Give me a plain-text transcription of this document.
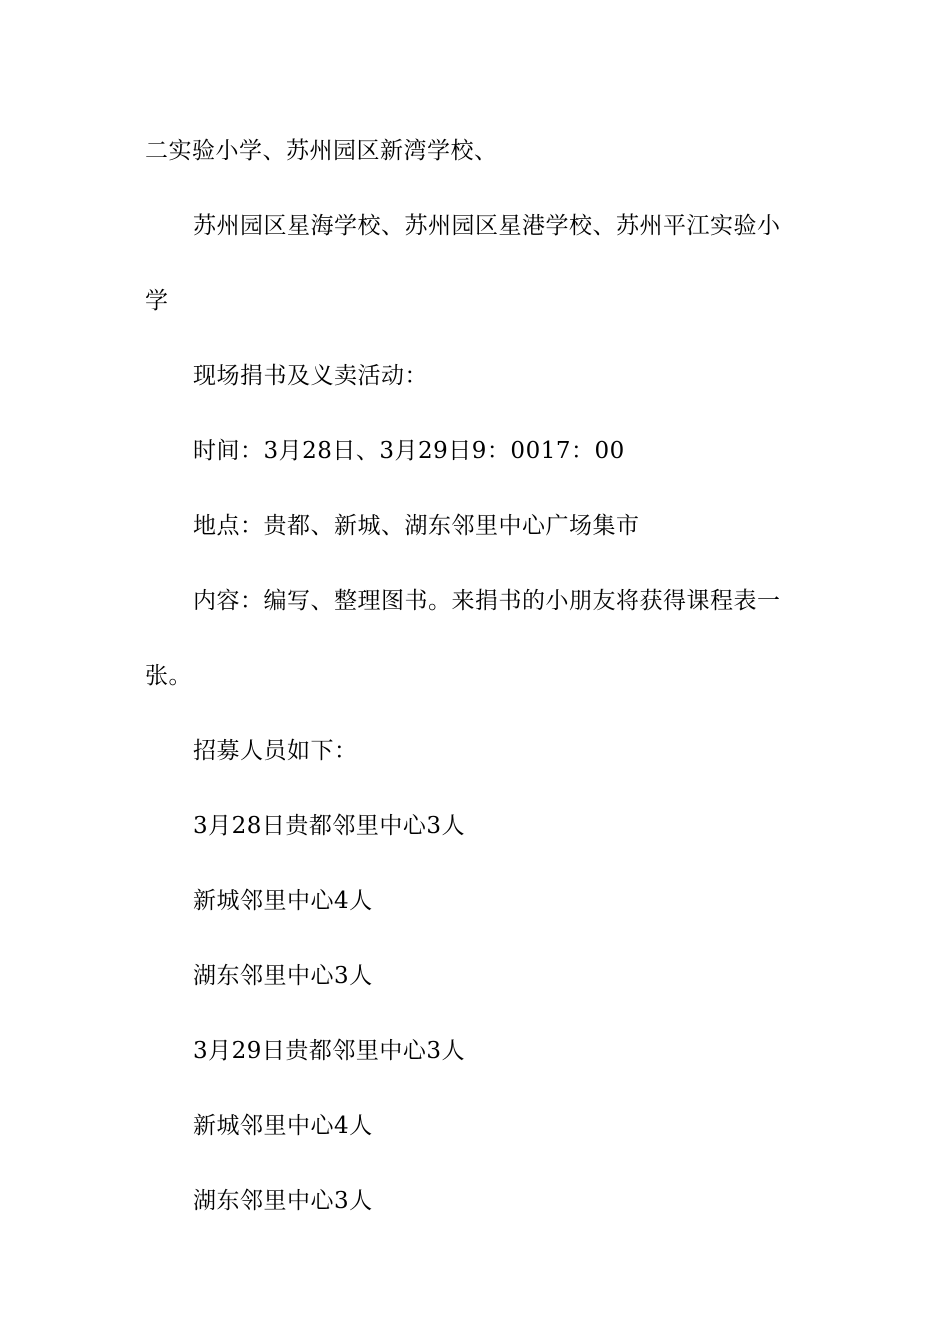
二实验小学、苏州园区新湾学校、
苏州园区星海学校、苏州园区星港学校、苏州平江实验小
学
现场捐书及义卖活动：
时间：3月28日、3月29日9：0017：00
地点：贵都、新城、湖东邻里中心广场集市
内容：编写、整理图书。来捐书的小朋友将获得课程表一
张。
招募人员如下：
3月28日贵都邻里中心3人
新城邻里中心4人
湖东邻里中心3人
3月29日贵都邻里中心3人
新城邻里中心4人
湖东邻里中心3人
